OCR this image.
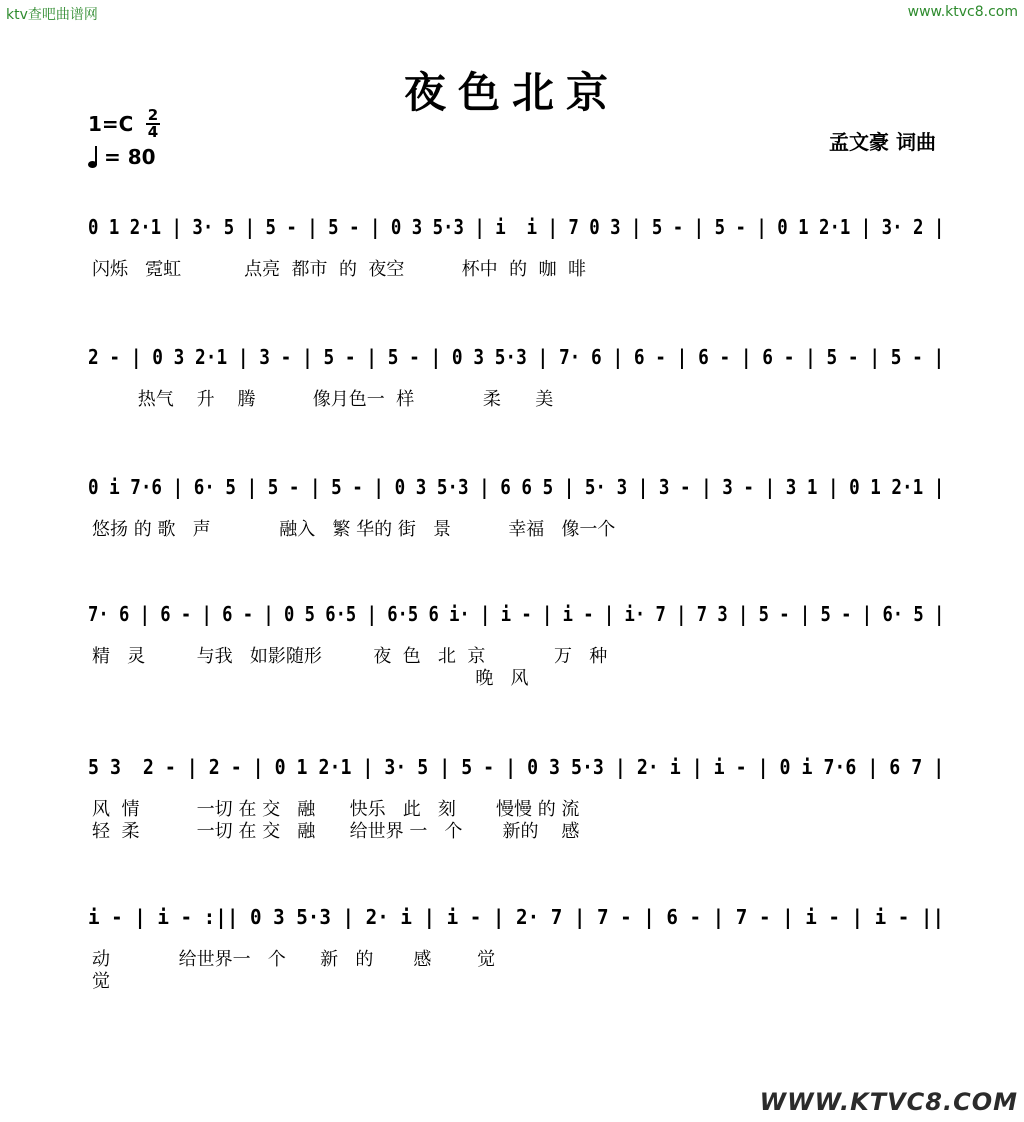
ktv查吧曲谱网	www.ktvc8.com
夜色北京
孟文豪 词曲
1=C 2
4
= 80
0 1 2·1 | 3· 5 | 5 - | 5 - | 0 3 5·3 | i  i | 7 0 3 | 5 - | 5 - | 0 1 2·1 | 3· 2 |
闪烁   霓虹           点亮  都市  的  夜空          杯中  的  咖  啡
2 - | 0 3 2·1 | 3 - | 5 - | 5 - | 0 3 5·3 | 7· 6 | 6 - | 6 - | 6 - | 5 - | 5 - |
热气    升    腾          像月色一  样            柔      美
0 i 7·6 | 6· 5 | 5 - | 5 - | 0 3 5·3 | 6 6 5 | 5· 3 | 3 - | 3 - | 3 1 | 0 1 2·1 |
悠扬 的 歌   声            融入   繁 华的 街   景          幸福   像一个
7· 6 | 6 - | 6 - | 0 5 6·5 | 6·5 6 i· | i - | i - | i· 7 | 7 3 | 5 - | 5 - | 6· 5 |
精   灵         与我   如影随形         夜  色   北  京            万   种
晚   风
5 3  2 - | 2 - | 0 1 2·1 | 3· 5 | 5 - | 0 3 5·3 | 2· i | i - | 0 i 7·6 | 6 7 |
风  情          一切 在 交   融      快乐   此   刻       慢慢 的 流
轻  柔          一切 在 交   融      给世界 一   个       新的    感
i - | i - :|| 0 3 5·3 | 2· i | i - | 2· 7 | 7 - | 6 - | 7 - | i - | i - ||
动            给世界一   个      新   的       感        觉
觉
WWW.KTVC8.COM
